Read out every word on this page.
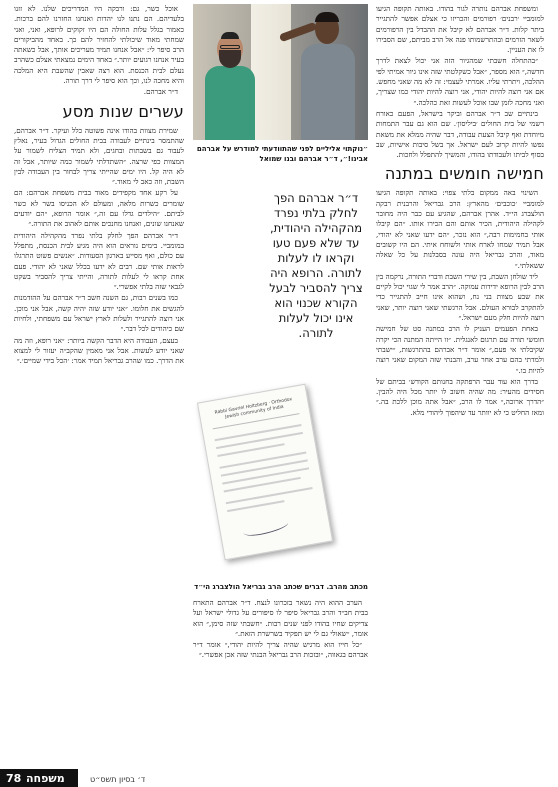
ומשפחת אברהם נותרה לגור בהודו. באותה תקופה הגיעו למומביי ׳רבנים׳ רפורמים והכריזו כי אצלם אפשר להתגייר ביתר קלות. ד״ר אברהם לא קיבל את ההבדל בין הרפורמים לשאר הזרמים ובהתרשמותו פנה אל הרב מביתם, שם הסבירו לו את העניין.

״בהתחלה חשבתי שמהגיור הזה אני יכול לצאת לדרך חדשה,״ הוא מספר, ״אבל כשקלטתי שזה אינו גיור אמיתי לפי ההלכה, ויתרתי עליו. אמרתי לעצמי: זה לא מה שאני מחפש. אם אני רוצה להיות יהודי, אני רוצה להיות יהודי כמו שצריך, ואני מחכה לזמן שבו אוכל לעשות זאת כהלכה.״

בינתיים שב ד״ר אברהם וביקר בישראל, הפעם כאורח רשמי של בית החולים ׳ביליסון׳. שם הוא גם עבר התמחות מיוחדת ואף קיבל הצעת עבודה, דבר שהיה ממלא את משאת נפשו להיות קרוב לעם ישראל. אך בשל סיבות אישיות, שב בסוף לביתו ולעבודתו בהודו, והמשיך להתפלל ולחכות.

חמישה חומשים במתנה

השינוי באה ממקום בלתי צפוי: באותה תקופה הגיעו למומביי ׳כוכבים׳ מהארץ: הרב גבריאל והרבנית רבקה הולצברג הי״ד. אהרן אברהם, שהגיע עם כבר היה מחובר לקהילה היהודית, הכיר אותם והם הכירו אותו. ״הם קיבלו אותי בחמימות רבה,״ הוא נזכר, ״הם ידעו שאני לא יהודי, אבל תמיד שמחו לארח אותי ולשוחח איתי. הם היו קשובים מאוד, והרב גבריאל היה עונה בסבלנות על כל שאלה ששאלתי.״

ליד שולחן השבת, בין שירי השבת ודברי התורה, נרקמה בין הרב לבין הרופא ידידות עמוקה. ״הרב אמר לי שגוי יכול לקיים את שבע מצוות בני נח, ושהוא אינו חייב להתגייר כדי להתקרב לבורא העולם. אבל הרגשתי שאני רוצה יותר, שאני רוצה להיות חלק מעם ישראל.״

באחת הפעמים העניק לו הרב במתנה סט של חמישה חומשי תורה עם תרגום לאנגלית. ״זו הייתה המתנה הכי יקרה שקיבלתי אי פעם,״ אומר ד״ר אברהם בהתרגשות, ״ישבתי ולמדתי בהם ערב אחר ערב, והבנתי שזה המקום שאני רוצה להיות בו.״

בדרך הוא עוד עבר הרפתקה בחנותם הקודש׳ בביתם של חסידים מהעיר: מה שהיה חשוב לו יותר מכל היה להבין. ״הדרך ארוכה,״ אמר לו הרב, ״אבל אתה מוכן ללכת בה.״ ומאז החליט כי לא יוותר עד שיהפוך ליהודי מלא.

״נוקתוי אליליים לפני שהתוודעתי למודרש על אברהם אבינו!״, ד״ר אברהם ובנו שמואל
ד״ר אברהם הפך לחלק בלתי נפרד מהקהילה היהודית, עד שלא פעם טעו וקראו לו לעלות לתורה. הרופא היה צריך להסביר לבעל הקורא שכנוי הוא אינו יכול לעלות לתורה.
Rabbi Gavriel Holtzberg · Orthodox Jewish community of India
מכתב מהרב. דברים שכתב הרב גבריאל הולצברג הי״ד

הערב ההוא היה נשאר בזכרונו לנצח. ד״ר אברהם התארח בבית חב״ד והרב גבריאל סיפר לו סיפורים על גדולי ישראל ועל צדיקים שחיו בהודו לפני שנים רבות. ״חשבתי שזה סימן,״ הוא אומר, ״שאולי גם לי יש תפקיד בשרשרת הזאת.״

״כל חייו הוא מרגיש שהיה צריך להיות יהודי,״ אומר ד״ר אברהם בגאווה, ״ובזכות הרב גבריאל הבנתי שזה אכן אפשרי.״

אוכל כשר, גם: ורבקה היו המדריכים שלנו. לא זזנו בלעדיהם. הם נתנו לנו יהדות ואנחנו החזרנו להם ברכות. כאמור בגלל עלות החולה הם היו זקוקים לרופא, ואני, ואני שמחתי מאוד שיכולתי להחזיר להם כך. באחד מהביקורים הרב סיפר לי: ״אבל אנחנו תמיד מעריכים אותך, אבל כשאתה בעיר אנחנו רגועים יותר.״ באחד הימים נמצאתי אצלם כשהרב נעלם לבית הכנסת. הוא רצה שאבין שהשבת היא המלכה והיא מחכה לנו, וכך הוא סיפר לי דרך תורה.

ד״ר אברהם.

עשרים שנות מסע

שמירת מצוות בהודו אינה פשוטה כלל ועיקר. ד״ר אברהם, שהתמסר בינתיים לעבודה בבית החולים הגדול בעיר, נאלץ לעבוד גם בשבתות ובחגים, ולא תמיד הצליח לשמור על המצוות כפי שרצה. ״השתדלתי לשמור כמה שיותר, אבל זה לא היה קל. היו ימים שהייתי צריך לבחור בין העבודה לבין השבת, וזה כאב לי מאוד.״

על רקע אחד מקפידים מאוד בבית משפחת אברהם: הם שומרים כשרות מלאה, ומעולם לא הכניסו בשר לא כשר לביתם. ״הילדים גדלו עם זה,״ אומר הרופא, ״הם יודעים שאנחנו שונים, ואנחנו מחנכים אותם לאהוב את התורה.״

ד״ר אברהם הפך לחלק בלתי נפרד מהקהילה היהודית במומביי. בימים נוראים הוא היה מגיע לבית הכנסת, מתפלל עם כולם, ואף מסייע בארגון הסעודות. ״אנשים פשוט התרגלו לראות אותי שם. רבים לא ידעו בכלל שאני לא יהודי. פעם אחת קראו לי לעלות לתורה, והייתי צריך להסביר בשקט לגבאי שזה בלתי אפשרי.״

כמו בשנים רבות, גם השנה חשב ד״ר אברהם על ההזדמנות להגשים את חלומו. ״אני יודע שזה יהיה קשה, אבל אני מוכן. אני רוצה להתגייר ולעלות לארץ ישראל עם משפחתי, ולחיות שם כיהודים לכל דבר.״

בעצם, העבודה היא הדבר הקשה ביותר: ״אני רופא, וזה מה שאני יודע לעשות. אבל אני מאמין שהקב״ה יעזור לי למצוא את הדרך. כמו שהרב גבריאל תמיד אמר: ׳הכל בידי שמיים׳.״

78 משפחה	ד׳ בסיון תשס״ט
